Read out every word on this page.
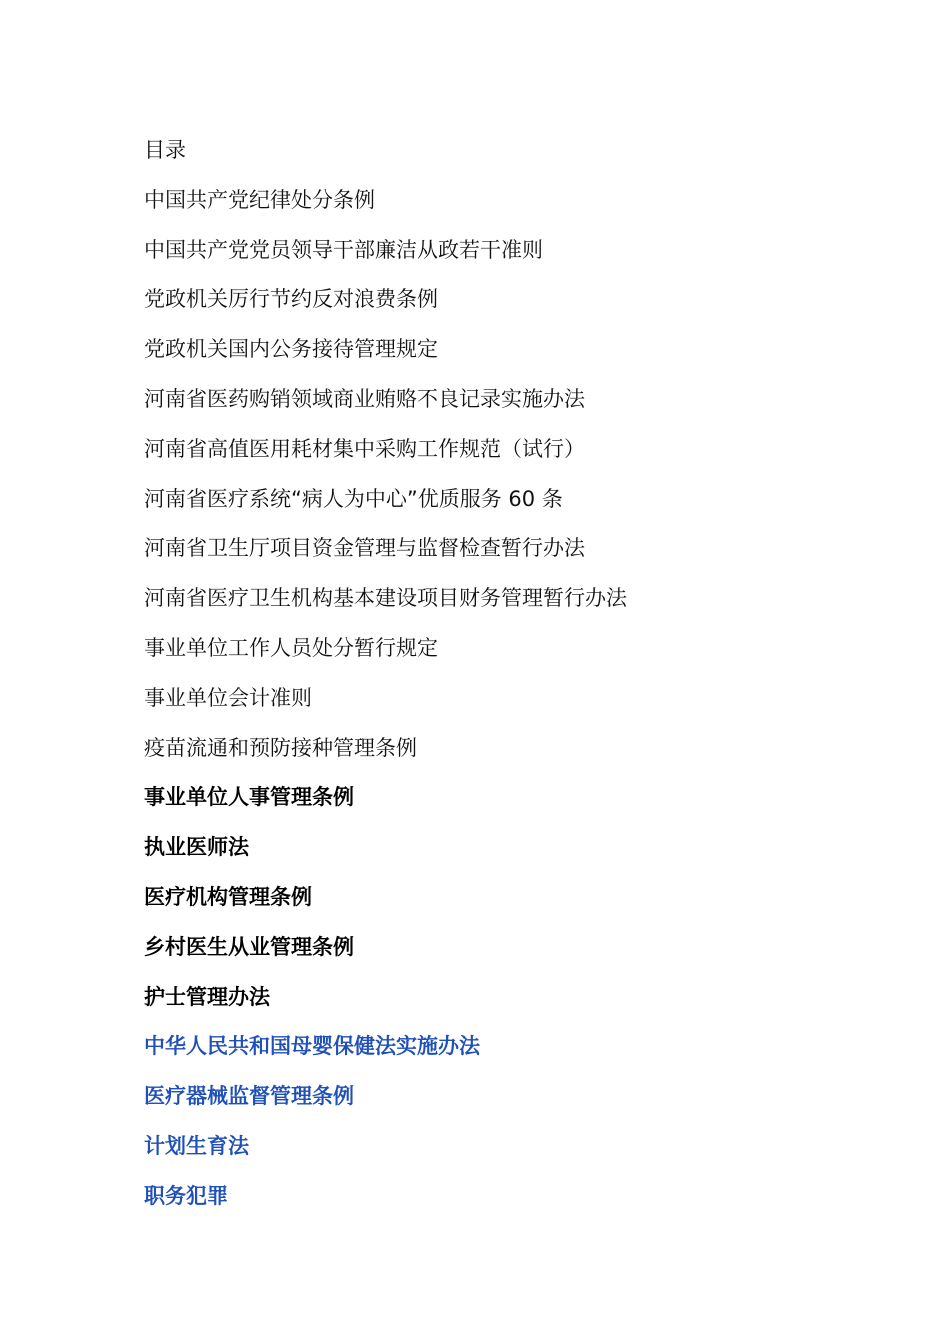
目录
中国共产党纪律处分条例
中国共产党党员领导干部廉洁从政若干准则
党政机关厉行节约反对浪费条例
党政机关国内公务接待管理规定
河南省医药购销领域商业贿赂不良记录实施办法
河南省高值医用耗材集中采购工作规范（试行）
河南省医疗系统“病人为中心”优质服务 60 条
河南省卫生厅项目资金管理与监督检查暂行办法
河南省医疗卫生机构基本建设项目财务管理暂行办法
事业单位工作人员处分暂行规定
事业单位会计准则
疫苗流通和预防接种管理条例
事业单位人事管理条例
执业医师法
医疗机构管理条例
乡村医生从业管理条例
护士管理办法
中华人民共和国母婴保健法实施办法
医疗器械监督管理条例
计划生育法
职务犯罪
